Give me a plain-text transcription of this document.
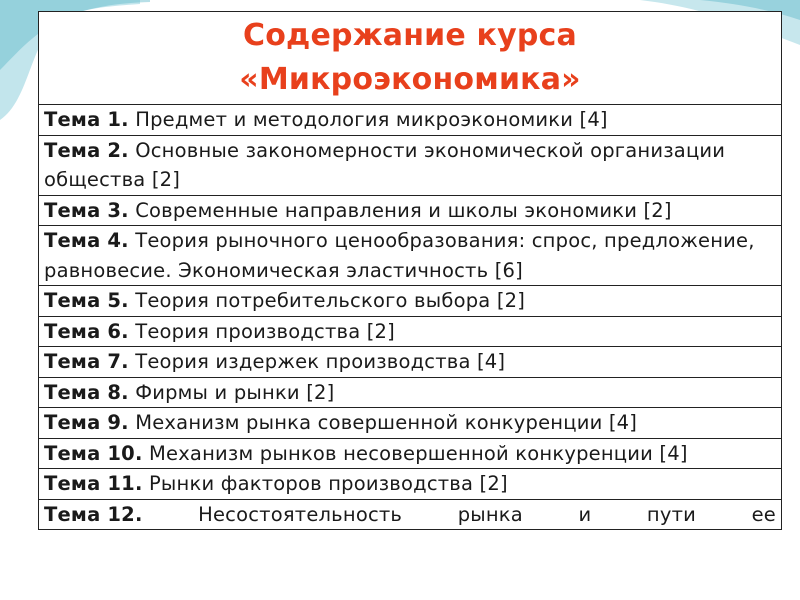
Содержание курса
«Микроэкономика»

Тема 1. Предмет и методология микроэкономики [4]
Тема 2. Основные закономерности экономической организации общества [2]
Тема 3. Современные направления и школы экономики [2]
Тема 4. Теория рыночного ценообразования: спрос, предложение, равновесие. Экономическая эластичность [6]
Тема 5. Теория потребительского выбора [2]
Тема 6. Теория производства [2]
Тема 7. Теория издержек производства [4]
Тема 8. Фирмы и рынки [2]
Тема 9. Механизм рынка совершенной конкуренции [4]
Тема 10. Механизм рынков несовершенной конкуренции [4]
Тема 11. Рынки факторов производства [2]

Тема 12.	Несостоятельность	рынка	и	пути	ее
